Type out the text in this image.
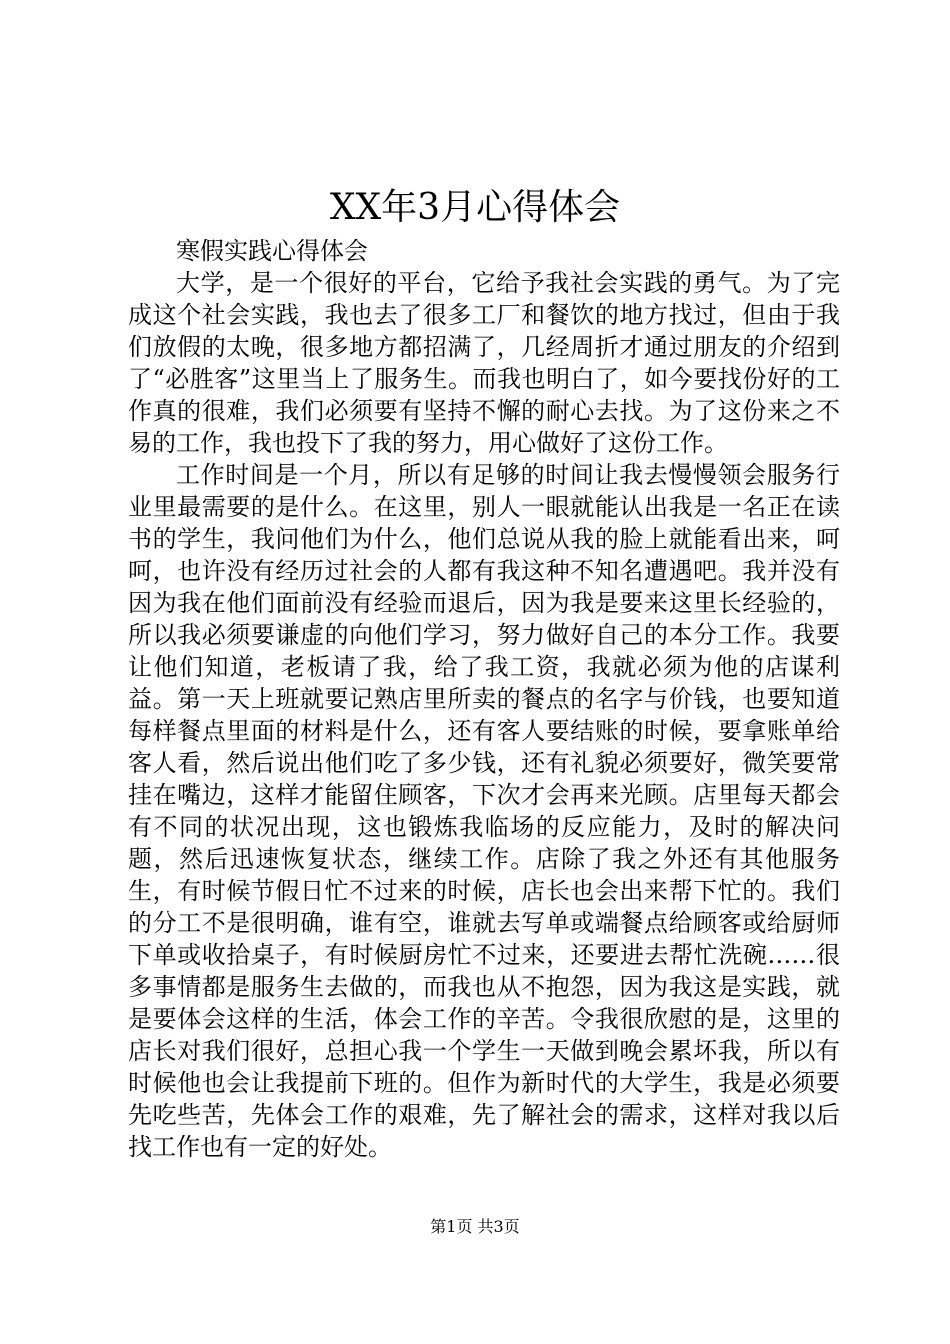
XX年3月心得体会

寒假实践心得体会

大学，是一个很好的平台，它给予我社会实践的勇气。为了完成这个社会实践，我也去了很多工厂和餐饮的地方找过，但由于我们放假的太晚，很多地方都招满了，几经周折才通过朋友的介绍到了“必胜客”这里当上了服务生。而我也明白了，如今要找份好的工作真的很难，我们必须要有坚持不懈的耐心去找。为了这份来之不易的工作，我也投下了我的努力，用心做好了这份工作。

工作时间是一个月，所以有足够的时间让我去慢慢领会服务行业里最需要的是什么。在这里，别人一眼就能认出我是一名正在读书的学生，我问他们为什么，他们总说从我的脸上就能看出来，呵呵，也许没有经历过社会的人都有我这种不知名遭遇吧。我并没有因为我在他们面前没有经验而退后，因为我是要来这里长经验的，所以我必须要谦虚的向他们学习，努力做好自己的本分工作。我要让他们知道，老板请了我，给了我工资，我就必须为他的店谋利益。第一天上班就要记熟店里所卖的餐点的名字与价钱，也要知道每样餐点里面的材料是什么，还有客人要结账的时候，要拿账单给客人看，然后说出他们吃了多少钱，还有礼貌必须要好，微笑要常挂在嘴边，这样才能留住顾客，下次才会再来光顾。店里每天都会有不同的状况出现，这也锻炼我临场的反应能力，及时的解决问题，然后迅速恢复状态，继续工作。店除了我之外还有其他服务生，有时候节假日忙不过来的时候，店长也会出来帮下忙的。我们的分工不是很明确，谁有空，谁就去写单或端餐点给顾客或给厨师下单或收拾桌子，有时候厨房忙不过来，还要进去帮忙洗碗……很多事情都是服务生去做的，而我也从不抱怨，因为我这是实践，就是要体会这样的生活，体会工作的辛苦。令我很欣慰的是，这里的店长对我们很好，总担心我一个学生一天做到晚会累坏我，所以有时候他也会让我提前下班的。但作为新时代的大学生，我是必须要先吃些苦，先体会工作的艰难，先了解社会的需求，这样对我以后找工作也有一定的好处。

第1页 共3页
